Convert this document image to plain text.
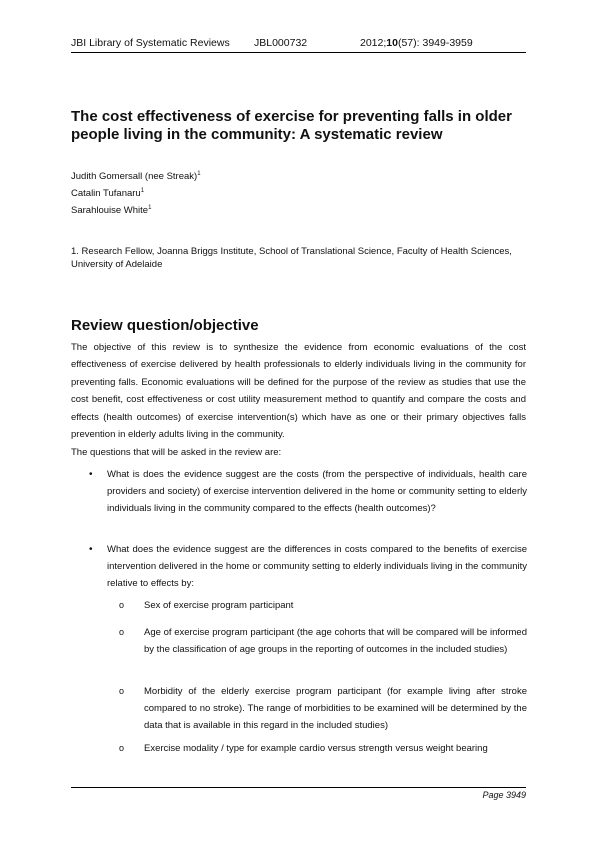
JBI Library of Systematic Reviews JBL000732	2012;10(57): 3949-3959
The cost effectiveness of exercise for preventing falls in older people living in the community: A systematic review
Judith Gomersall (nee Streak)$^1$
Catalin Tufanaru$^1$
Sarahlouise White$^1$
1. Research Fellow, Joanna Briggs Institute, School of Translational Science, Faculty of Health Sciences, University of Adelaide
Review question/objective

The objective of this review is to synthesize the evidence from economic evaluations of the cost effectiveness of exercise delivered by health professionals to elderly individuals living in the community for preventing falls. Economic evaluations will be defined for the purpose of the review as studies that use the cost benefit, cost effectiveness or cost utility measurement method to quantify and compare the costs and effects (health outcomes) of exercise intervention(s) which have as one or their primary objectives falls prevention in elderly adults living in the community.

The questions that will be asked in the review are:

• What is does the evidence suggest are the costs (from the perspective of individuals, health care providers and society) of exercise intervention delivered in the home or community setting to elderly individuals living in the community compared to the effects (health outcomes)?
• What does the evidence suggest are the differences in costs compared to the benefits of exercise intervention delivered in the home or community setting to elderly individuals living in the community relative to effects by:
o Sex of exercise program participant
o Age of exercise program participant (the age cohorts that will be compared will be informed by the classification of age groups in the reporting of outcomes in the included studies)
o Morbidity of the elderly exercise program participant (for example living after stroke compared to no stroke). The range of morbidities to be examined will be determined by the data that is available in this regard in the included studies)
o Exercise modality / type for example cardio versus strength versus weight bearing
Page 3949
